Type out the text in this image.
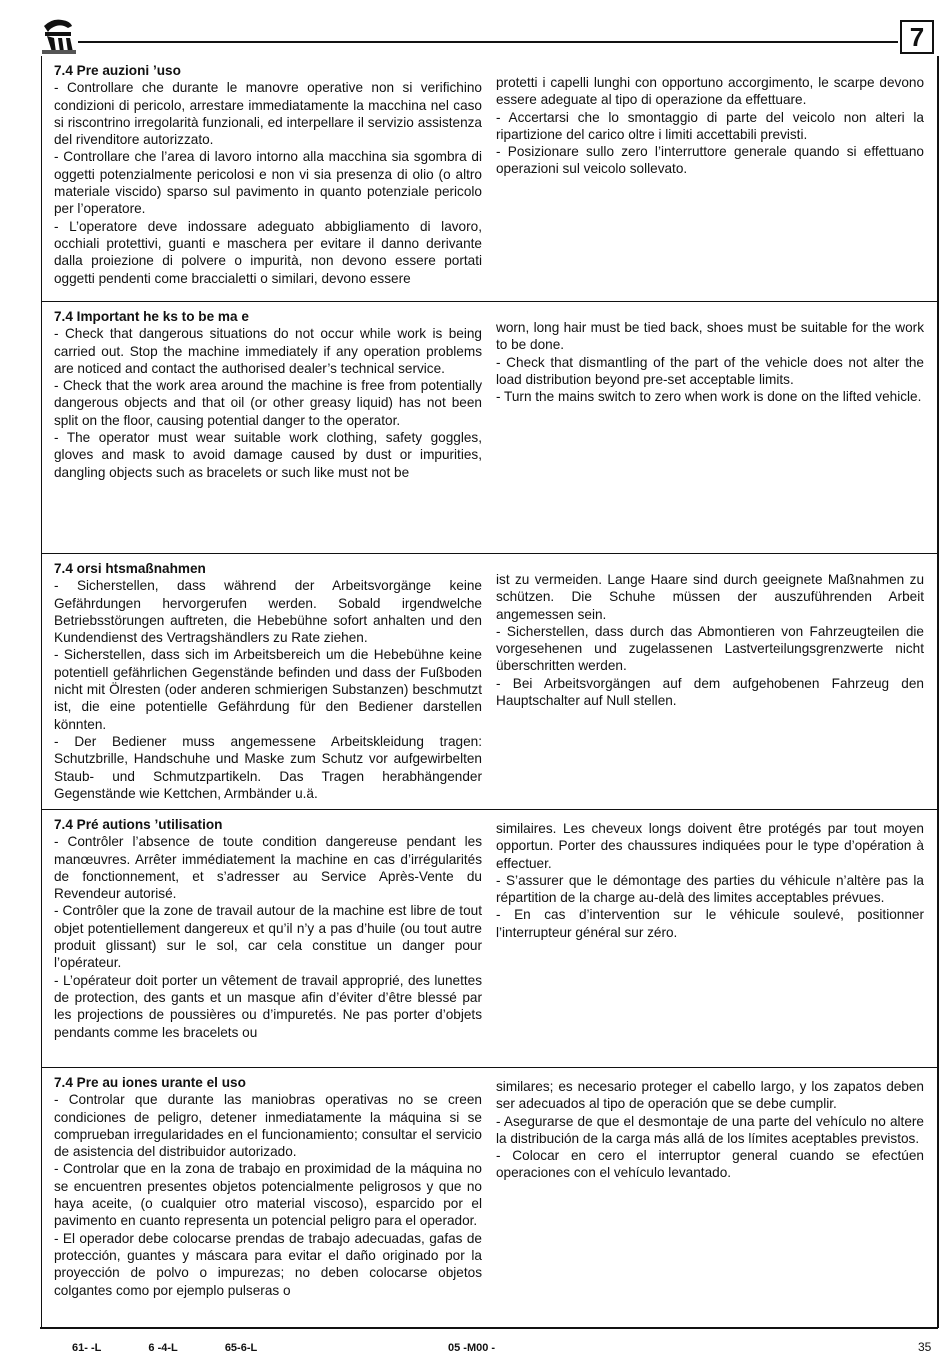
7

7.4 Pre auzioni ’uso

- Controllare che durante le manovre operative non si verifichino condizioni di pericolo, arrestare immediatamente la macchina nel caso si riscontrino irregolarità funzionali, ed interpellare il servizio assistenza del rivenditore autorizzato.

- Controllare che l’area di lavoro intorno alla macchina sia sgombra di oggetti potenzialmente pericolosi e non vi sia presenza di olio (o altro materiale viscido) sparso sul pavimento in quanto potenziale pericolo per l’operatore.

- L’operatore deve indossare adeguato abbigliamento di lavoro, occhiali protettivi, guanti e maschera per evitare il danno derivante dalla proiezione di polvere o impurità, non devono essere portati oggetti pendenti come braccialetti o similari, devono essere

protetti i capelli lunghi con opportuno accorgimento, le scarpe devono essere adeguate al tipo di operazione da effettuare.

- Accertarsi che lo smontaggio di parte del veicolo non alteri la ripartizione del carico oltre i limiti accettabili previsti.

- Posizionare sullo zero l’interruttore generale quando si effettuano operazioni sul veicolo sollevato.

7.4 Important he ks to be ma e

- Check that dangerous situations do not occur while work is being carried out. Stop the machine immediately if any operation problems are noticed and contact the authorised dealer’s technical service.

- Check that the work area around the machine is free from potentially dangerous objects and that oil (or other greasy liquid) has not been split on the floor, causing potential danger to the operator.

- The operator must wear suitable work clothing, safety goggles, gloves and mask to avoid damage caused by dust or impurities, dangling objects such as bracelets or such like must not be

worn, long hair must be tied back, shoes must be suitable for the work to be done.

- Check that dismantling of the part of the vehicle does not alter the load distribution beyond pre-set acceptable limits.

- Turn the mains switch to zero when work is done on the lifted vehicle.

7.4 orsi htsmaßnahmen

- Sicherstellen, dass während der Arbeitsvorgänge keine Gefährdungen hervorgerufen werden. Sobald irgendwelche Betriebsstörungen auftreten, die Hebebühne sofort anhalten und den Kundendienst des Vertragshändlers zu Rate ziehen.

- Sicherstellen, dass sich im Arbeitsbereich um die Hebebühne keine potentiell gefährlichen Gegenstände befinden und dass der Fußboden nicht mit Ölresten (oder anderen schmierigen Substanzen) beschmutzt ist, die eine potentielle Gefährdung für den Bediener darstellen könnten.

- Der Bediener muss angemessene Arbeitskleidung tragen: Schutzbrille, Handschuhe und Maske zum Schutz vor aufgewirbelten Staub- und Schmutzpartikeln. Das Tragen herabhängender Gegenstände wie Kettchen, Armbänder u.ä.

ist zu vermeiden. Lange Haare sind durch geeignete Maßnahmen zu schützen. Die Schuhe müssen der auszuführenden Arbeit angemessen sein.

- Sicherstellen, dass durch das Abmontieren von Fahrzeugteilen die vorgesehenen und zugelassenen Lastverteilungsgrenzwerte nicht überschritten werden.

- Bei Arbeitsvorgängen auf dem aufgehobenen Fahrzeug den Hauptschalter auf Null stellen.

7.4 Pré autions ’utilisation

- Contrôler l’absence de toute condition dangereuse pendant les manœuvres. Arrêter immédiatement la machine en cas d’irrégularités de fonctionnement, et s’adresser au Service Après-Vente du Revendeur autorisé.

- Contrôler que la zone de travail autour de la machine est libre de tout objet potentiellement dangereux et qu’il n’y a pas d’huile (ou tout autre produit glissant) sur le sol, car cela constitue un danger pour l’opérateur.

- L’opérateur doit porter un vêtement de travail approprié, des lunettes de protection, des gants et un masque afin d’éviter d’être blessé par les projections de poussières ou d’impuretés. Ne pas porter d’objets pendants comme les bracelets ou

similaires. Les cheveux longs doivent être protégés par tout moyen opportun. Porter des chaussures indiquées pour le type d’opération à effectuer.

- S’assurer que le démontage des parties du véhicule n’altère pas la répartition de la charge au-delà des limites acceptables prévues.

- En cas d’intervention sur le véhicule soulevé, positionner l’interrupteur général sur zéro.

7.4 Pre au iones urante el uso

- Controlar que durante las maniobras operativas no se creen condiciones de peligro, detener inmediatamente la máquina si se comprueban irregularidades en el funcionamiento; consultar el servicio de asistencia del distribuidor autorizado.

- Controlar que en la zona de trabajo en proximidad de la máquina no se encuentren presentes objetos potencialmente peligrosos y que no haya aceite, (o cualquier otro material viscoso), esparcido por el pavimento en cuanto representa un potencial peligro para el operador.

- El operador debe colocarse prendas de trabajo adecuadas, gafas de protección, guantes y máscara para evitar el daño originado por la proyección de polvo o impurezas; no deben colocarse objetos colgantes como por ejemplo pulseras o

similares; es necesario proteger el cabello largo, y los zapatos deben ser adecuados al tipo de operación que se debe cumplir.

- Asegurarse de que el desmontaje de una parte del vehículo no altere la distribución de la carga más allá de los límites aceptables previstos.

- Colocar en cero el interruptor general cuando se efectúen operaciones con el vehículo levantado.

61- -L	6 -4-L	65-6-L	05 -M00 -	35
